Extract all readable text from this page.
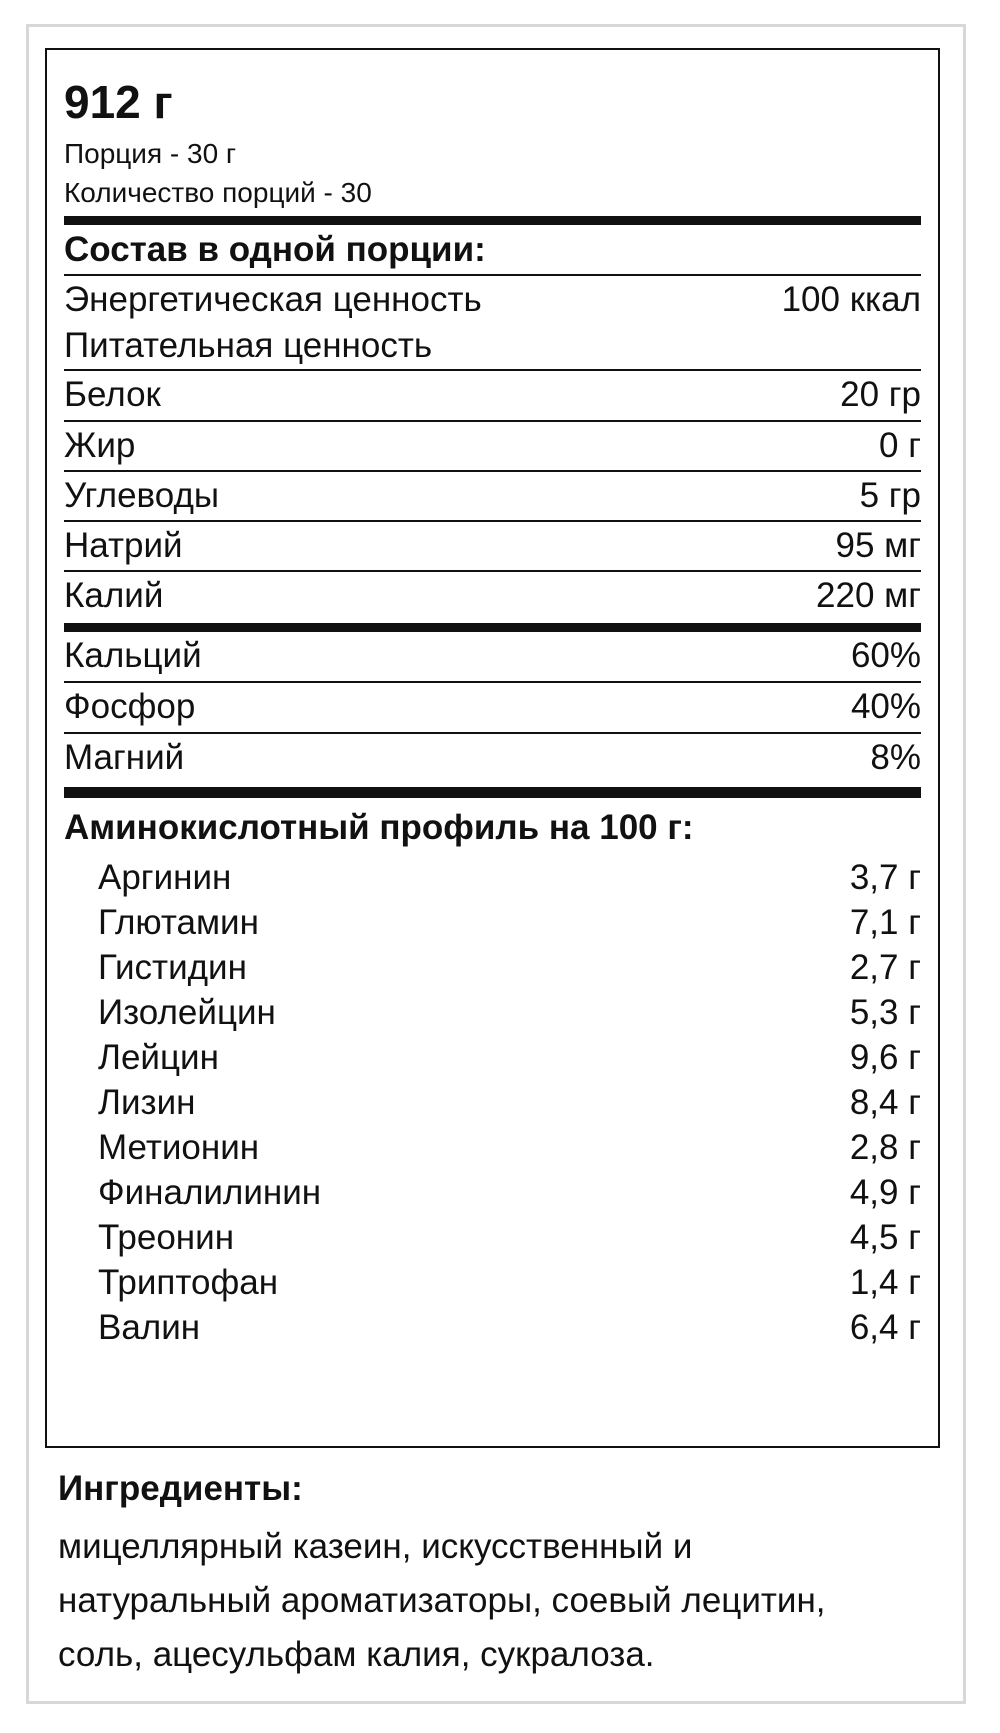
912 г
Порция - 30 г
Количество порций - 30
Состав в одной порции:
Энергетическая ценность	100 ккал
Питательная ценность
Белок	20 гр
Жир	0 г
Углеводы	5 гр
Натрий	95 мг
Калий	220 мг
Кальций	60%
Фосфор	40%
Магний	8%
Аминокислотный профиль на 100 г:
Аргинин	3,7 г
Глютамин	7,1 г
Гистидин	2,7 г
Изолейцин	5,3 г
Лейцин	9,6 г
Лизин	8,4 г
Метионин	2,8 г
Финалилинин	4,9 г
Треонин	4,5 г
Триптофан	1,4 г
Валин	6,4 г
Ингредиенты:
мицеллярный казеин, искусственный и
натуральный ароматизаторы, соевый лецитин,
соль, ацесульфам калия, сукралоза.
